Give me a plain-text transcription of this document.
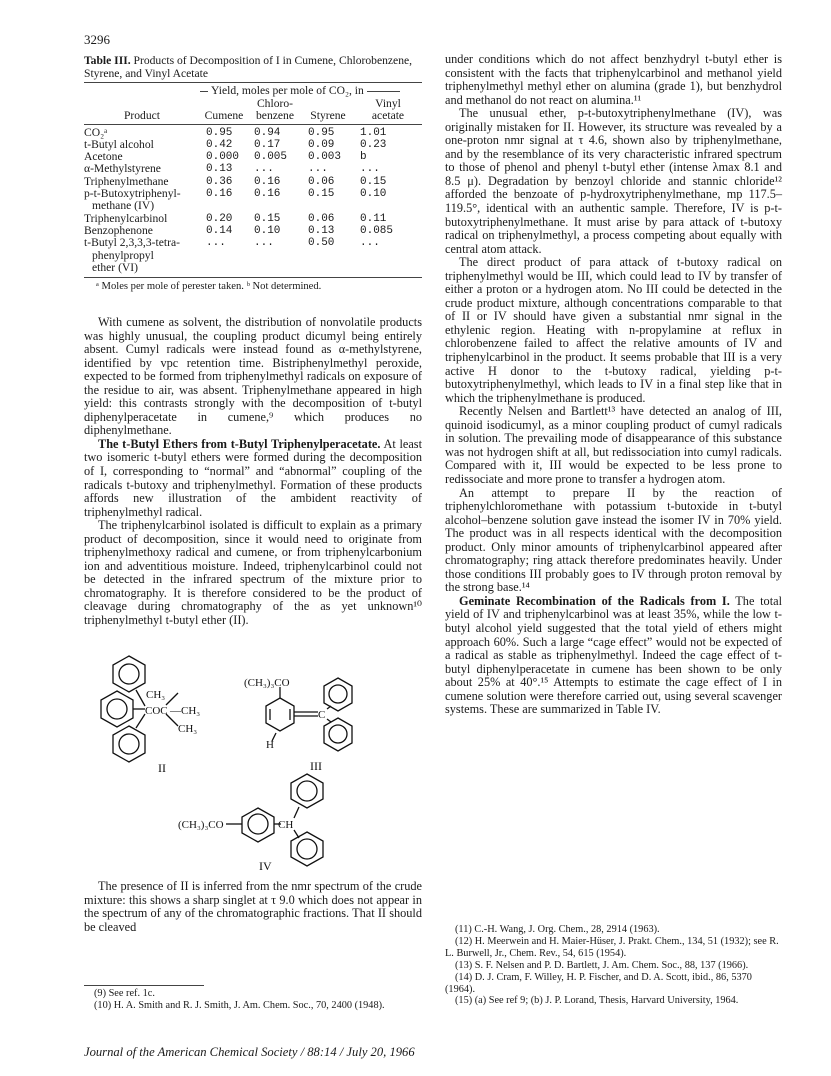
3296
Table III. Products of Decomposition of I in Cumene, Chlorobenzene, Styrene, and Vinyl Acetate
Yield, moles per mole of CO₂, in
		Chloro-		Vinyl
Product	Cumene	benzene	Styrene	acetate

CO₂ᵃ	0.95	0.94	0.95	1.01
t-Butyl alcohol	0.42	0.17	0.09	0.23
Acetone	0.000	0.005	0.003	b
α-Methylstyrene	0.13	...	...	...
Triphenylmethane	0.36	0.16	0.06	0.15
p-t-Butoxytriphenyl-
methane (IV)	0.16	0.16	0.15	0.10
Triphenylcarbinol	0.20	0.15	0.06	0.11
Benzophenone	0.14	0.10	0.13	0.085
t-Butyl 2,3,3,3-tetra-
phenylpropyl
ether (VI)	...	...	0.50	...

ᵃ Moles per mole of perester taken. ᵇ Not determined.
With cumene as solvent, the distribution of nonvolatile products was highly unusual, the coupling product dicumyl being entirely absent. Cumyl radicals were instead found as α-methylstyrene, identified by vpc retention time. Bistriphenylmethyl peroxide, expected to be formed from triphenylmethyl radicals on exposure of the residue to air, was absent. Triphenylmethane appeared in high yield: this contrasts strongly with the decomposition of t-butyl diphenylperacetate in cumene,⁹ which produces no diphenylmethane.
The t-Butyl Ethers from t-Butyl Triphenylperacetate. At least two isomeric t-butyl ethers were formed during the decomposition of I, corresponding to “normal” and “abnormal” coupling of the radicals t-butoxy and triphenylmethyl. Formation of these products affords new illustration of the ambident reactivity of triphenylmethyl radical.
The triphenylcarbinol isolated is difficult to explain as a primary product of decomposition, since it would need to originate from triphenylmethoxy radical and cumene, or from triphenylcarbonium ion and adventitious moisture. Indeed, triphenylcarbinol could not be detected in the infrared spectrum of the mixture prior to chromatography. It is therefore considered to be the product of cleavage during chromatography of the as yet unknown¹⁰ triphenylmethyl t-butyl ether (II).
CH₃
COC —CH₃
CH₃
II
(CH₃)₃CO
H
C
III
(CH₃)₃CO	CH
IV
The presence of II is inferred from the nmr spectrum of the crude mixture: this shows a sharp singlet at τ 9.0 which does not appear in the spectrum of any of the chromatographic fractions. That II should be cleaved
(9) See ref. 1c.
(10) H. A. Smith and R. J. Smith, J. Am. Chem. Soc., 70, 2400 (1948).
under conditions which do not affect benzhydryl t-butyl ether is consistent with the facts that triphenylcarbinol and methanol yield triphenylmethyl methyl ether on alumina (grade 1), but benzhydrol and methanol do not react on alumina.¹¹
The unusual ether, p-t-butoxytriphenylmethane (IV), was originally mistaken for II. However, its structure was revealed by a one-proton nmr signal at τ 4.6, shown also by triphenylmethane, and by the resemblance of its very characteristic infrared spectrum to those of phenol and phenyl t-butyl ether (intense λmax 8.1 and 8.5 μ). Degradation by benzoyl chloride and stannic chloride¹² afforded the benzoate of p-hydroxytriphenylmethane, mp 117.5–119.5°, identical with an authentic sample. Therefore, IV is p-t-butoxytriphenylmethane. It must arise by para attack of t-butoxy radical on triphenylmethyl, a process competing about equally with central atom attack.
The direct product of para attack of t-butoxy radical on triphenylmethyl would be III, which could lead to IV by transfer of either a proton or a hydrogen atom. No III could be detected in the crude product mixture, although concentrations comparable to that of II or IV should have given a substantial nmr signal in the ethylenic region. Heating with n-propylamine at reflux in chlorobenzene failed to affect the relative amounts of IV and triphenylcarbinol in the product. It seems probable that III is a very active H donor to the t-butoxy radical, yielding p-t-butoxytriphenylmethyl, which leads to IV in a final step like that in which the triphenylmethane is produced.
Recently Nelsen and Bartlett¹³ have detected an analog of III, quinoid isodicumyl, as a minor coupling product of cumyl radicals in solution. The prevailing mode of disappearance of this substance was not hydrogen shift at all, but redissociation into cumyl radicals. Compared with it, III would be expected to be less prone to redissociate and more prone to transfer a hydrogen atom.
An attempt to prepare II by the reaction of triphenylchloromethane with potassium t-butoxide in t-butyl alcohol–benzene solution gave instead the isomer IV in 70% yield. The product was in all respects identical with the decomposition product. Only minor amounts of triphenylcarbinol appeared after chromatography; ring attack therefore predominates heavily. Under those conditions III probably goes to IV through proton removal by the strong base.¹⁴
Geminate Recombination of the Radicals from I. The total yield of IV and triphenylcarbinol was at least 35%, while the low t-butyl alcohol yield suggested that the total yield of ethers might approach 60%. Such a large “cage effect” would not be expected of a radical as stable as triphenylmethyl. Indeed the cage effect of t-butyl diphenylperacetate in cumene has been shown to be only about 25% at 40°.¹⁵ Attempts to estimate the cage effect of I in cumene solution were therefore carried out, using several scavenger systems. These are summarized in Table IV.
(11) C.-H. Wang, J. Org. Chem., 28, 2914 (1963).
(12) H. Meerwein and H. Maier-Hüser, J. Prakt. Chem., 134, 51 (1932); see R. L. Burwell, Jr., Chem. Rev., 54, 615 (1954).
(13) S. F. Nelsen and P. D. Bartlett, J. Am. Chem. Soc., 88, 137 (1966).
(14) D. J. Cram, F. Willey, H. P. Fischer, and D. A. Scott, ibid., 86, 5370 (1964).
(15) (a) See ref 9; (b) J. P. Lorand, Thesis, Harvard University, 1964.
Journal of the American Chemical Society / 88:14 / July 20, 1966
